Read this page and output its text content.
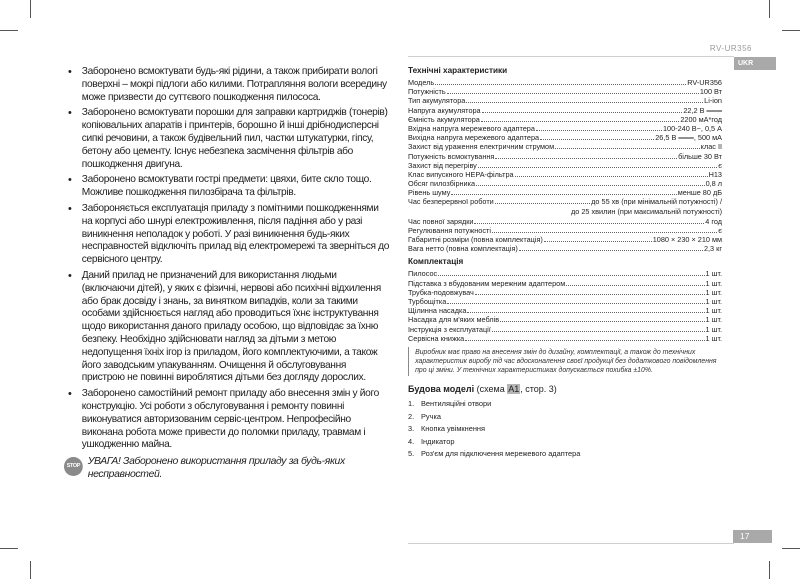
RV-UR356
UKR
• Заборонено всмоктувати будь-які рідини, а також прибирати вологі поверхні – мокрі підлоги або килими. Потрапляння вологи всередину може призвести до суттєвого пошкодження пилососа.
• Заборонено всмоктувати порошки для заправки картриджів (тонерів) копіювальних апаратів і принтерів, борошно й інші дрібнодисперсні сипкі речовини, а також будівельний пил, частки штукатурки, гіпсу, бетону або цементу. Існує небезпека засмічення фільтрів або пошкодження двигуна.
• Заборонено всмоктувати гострі предмети: цвяхи, бите скло тощо. Можливе пошкодження пилозбірача та фільтрів.
• Забороняється експлуатація приладу з помітними пошкодженнями на корпусі або шнурі електроживлення, після падіння або у разі виникнення неполадок у роботі. У разі виникнення будь-яких несправностей відключіть прилад від електромережі та зверніться до сервісного центру.
• Даний прилад не призначений для використання людьми (включаючи дітей), у яких є фізичні, нервові або психічні відхилення або брак досвіду і знань, за винятком випадків, коли за такими особами здійснюється нагляд або проводиться їхнє інструктування щодо використання даного приладу особою, що відповідає за їхню безпеку. Необхідно здійснювати нагляд за дітьми з метою недопущення їхніх ігор із приладом, його комплектуючими, а також його заводським упакуванням. Очищення й обслуговування пристрою не повинні вироблятися дітьми без догляду дорослих.
• Заборонено самостійний ремонт приладу або внесення змін у його конструкцію. Усі роботи з обслуговування і ремонту повинні виконуватися авторизованим сервіс-центром. Непрофесійно виконана робота може привести до поломки приладу, травмам і ушкодженню майна.
STOP УВАГА! Заборонено використання приладу за будь-яких несправностей.
Технічні характеристики
Модель	RV-UR356
Потужність	100 Вт
Тип акумулятора	Li-ion
Напруга акумулятора	22,2 В ═══
Ємність акумулятора	2200 мА*год
Вхідна напруга мережевого адаптера	100-240 В~, 0,5 А
Вихідна напруга мережевого адаптера	26,5 В ═══, 500 мА
Захист від ураження електричним струмом	клас II
Потужність всмоктування	більше 30 Вт
Захист від перегріву	є
Клас випускного HEPA-фільтра	H13
Обсяг пилозбірника	0,8 л
Рівень шуму	менше 80 дБ
Час безперервної роботи	до 55 хв (при мінімальній потужності) /
до 25 хвилин (при максимальній потужності)
Час повної зарядки	4 год
Регулювання потужності	є
Габаритні розміри (повна комплектація)	1080 × 230 × 210 мм
Вага нетто (повна комплектація)	2,3 кг
Комплектація
Пилосос	1 шт.
Підставка з вбудованим мережним адаптером	1 шт.
Трубка-подовжувач	1 шт.
Турбощітка	1 шт.
Щілинна насадка	1 шт.
Насадка для м'яких меблів	1 шт.
Інструкція з експлуатації	1 шт.
Сервісна книжка	1 шт.
Виробник має право на внесення змін до дизайну, комплектації, а також до технічних характеристик виробу під час вдосконалення своєї продукції без додаткового повідомлення про ці зміни. У технічних характеристиках допускається похибка ±10%.
Будова моделі (схема A1, стор. 3)
1. Вентиляційні отвори
2. Ручка
3. Кнопка увімкнення
4. Індикатор
5. Роз'єм для підключення мережевого адаптера
17
